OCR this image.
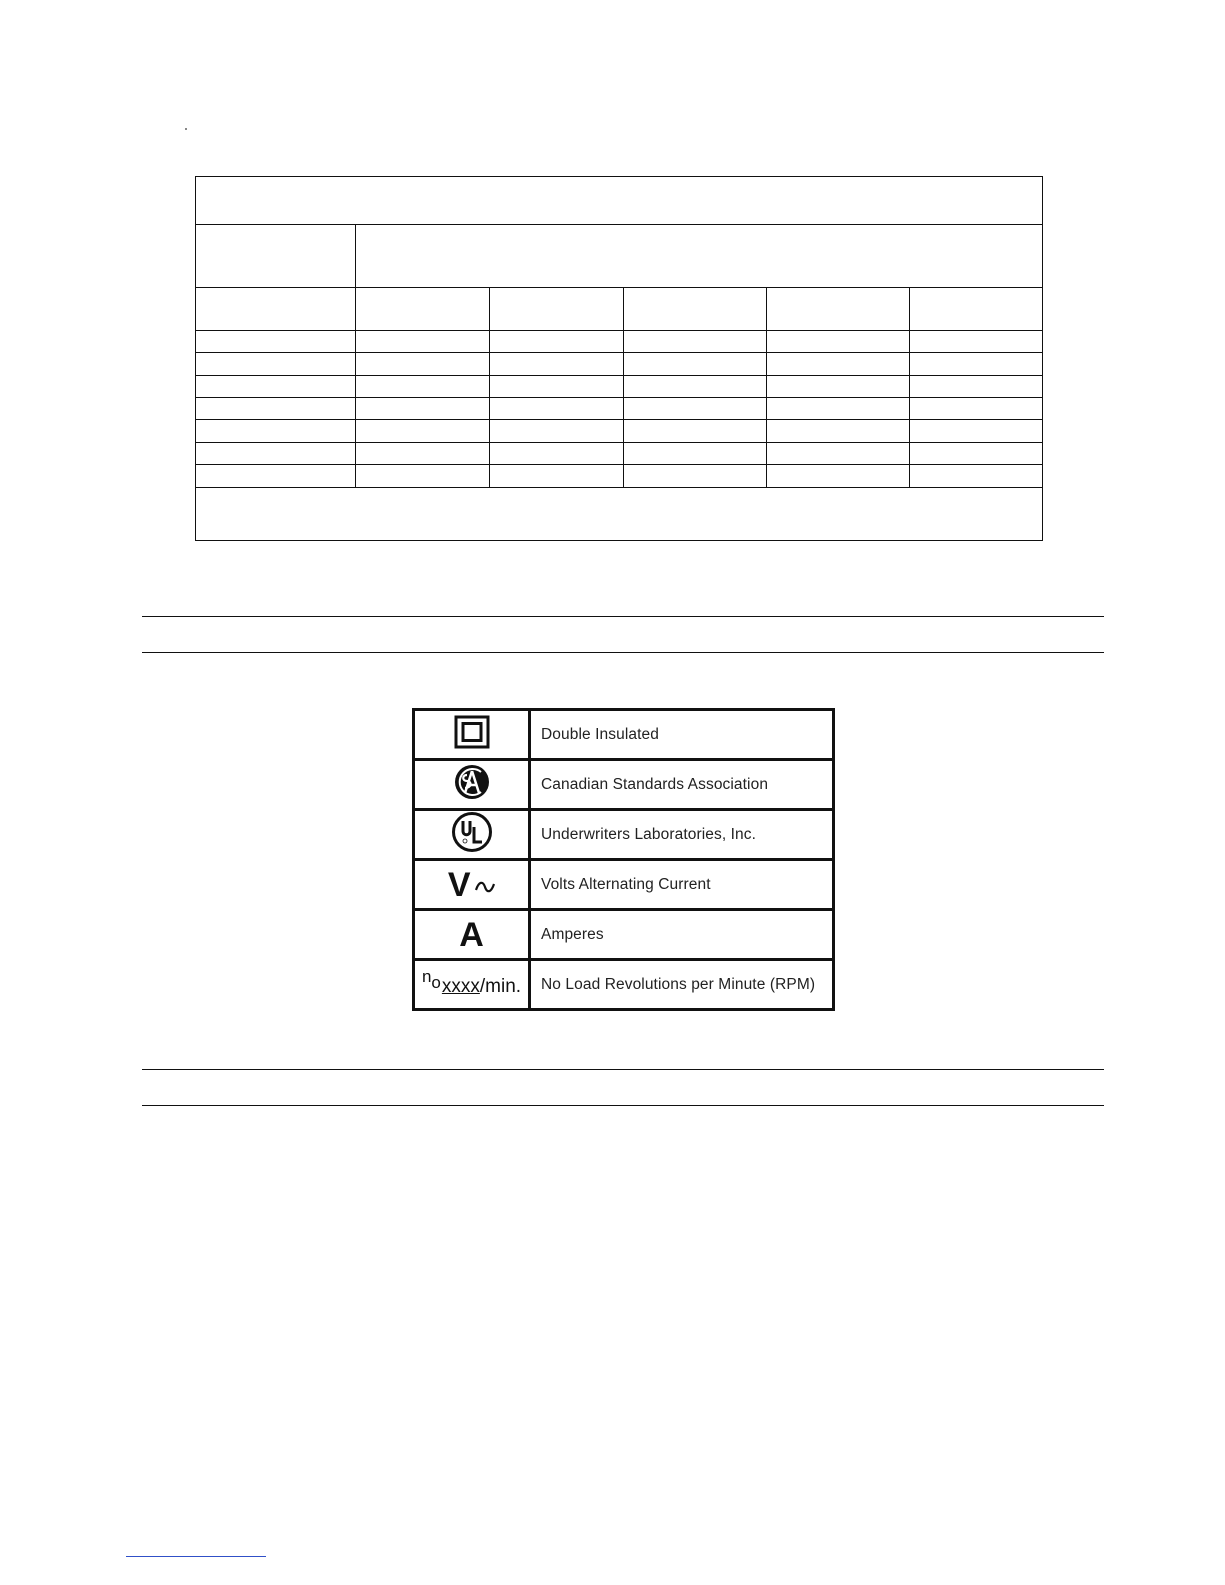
	Double Insulated
	Canadian Standards Association
	Underwriters Laboratories, Inc.
V	Volts Alternating Current
A	Amperes
noxxxx/min.	No Load Revolutions per Minute (RPM)
